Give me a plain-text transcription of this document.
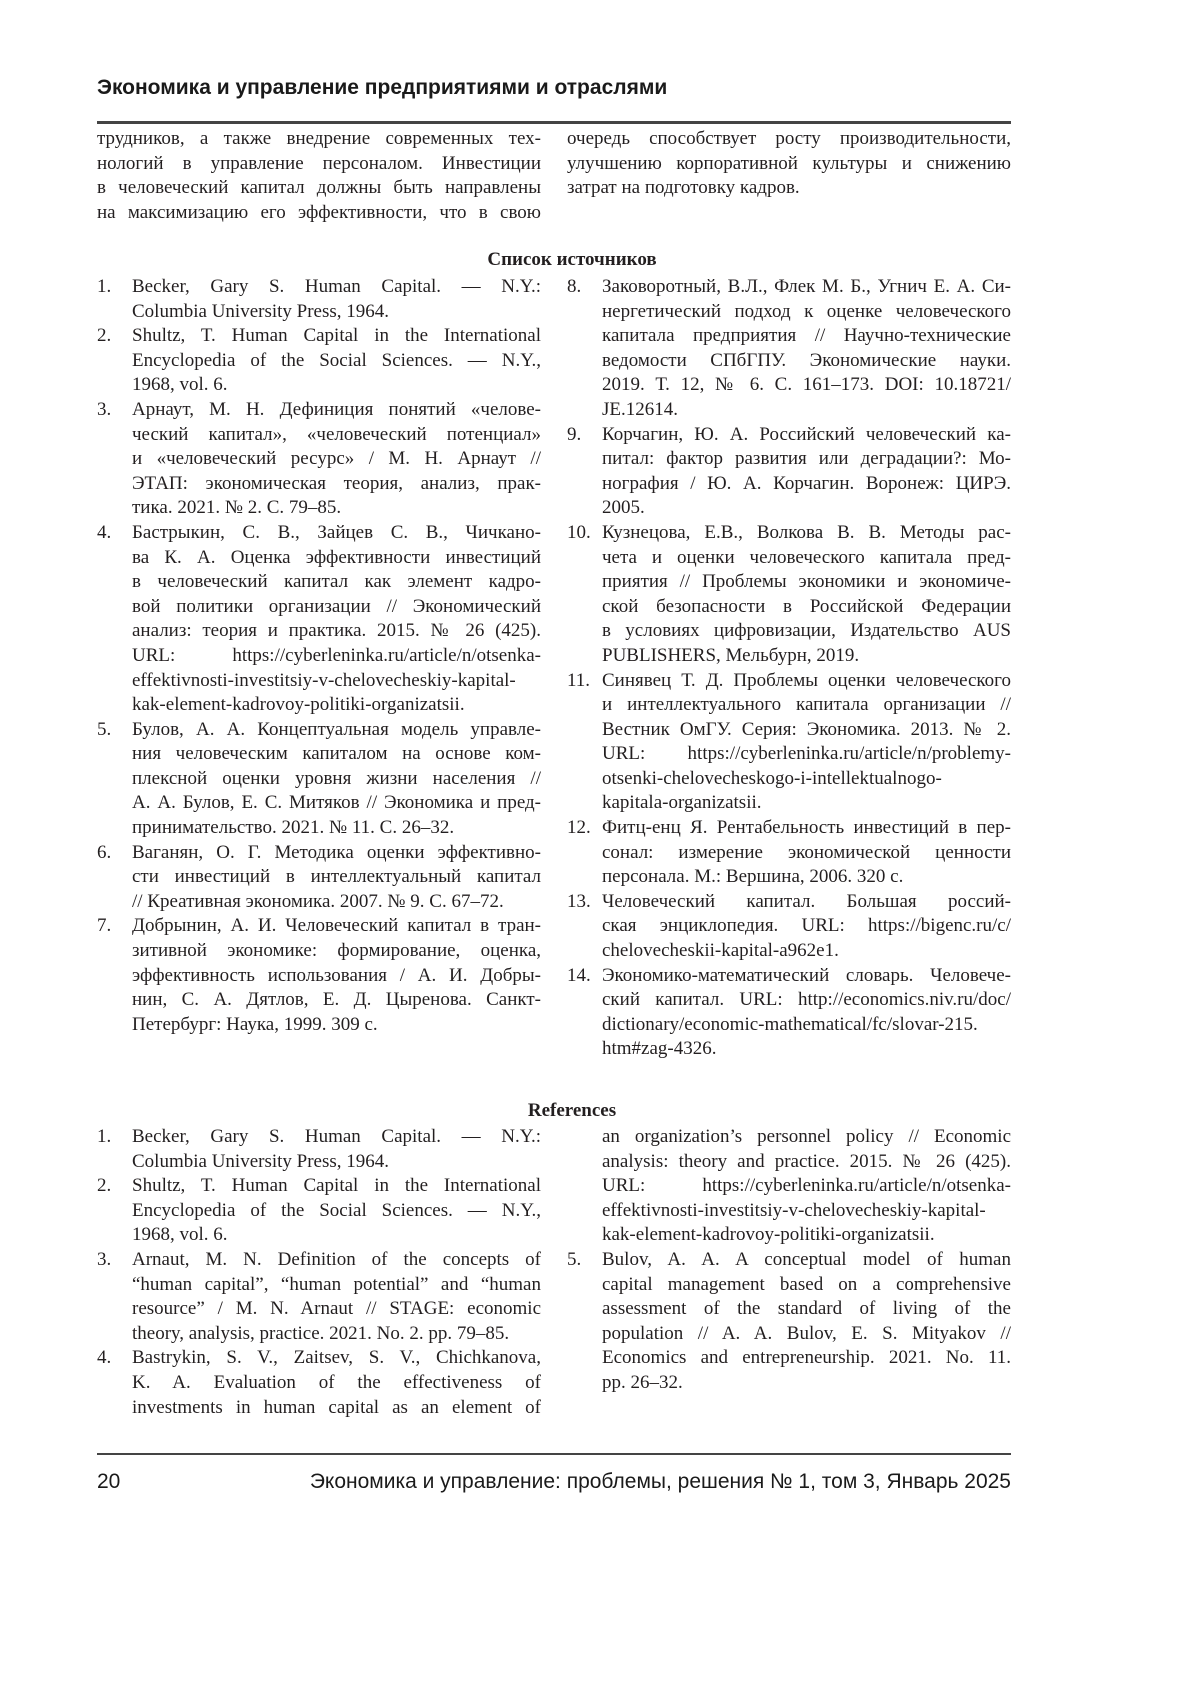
Экономика и управление предприятиями и отраслями
трудников, а также внедрение современных тех-
нологий в управление персоналом. Инвестиции
в человеческий капитал должны быть направлены
на максимизацию его эффективности, что в свою
очередь способствует росту производительности,
улучшению корпоративной культуры и снижению
затрат на подготовку кадров.
Список источников
1. Becker, Gary S. Human Capital. — N.Y.:
Columbia University Press, 1964.
2. Shultz, T. Human Capital in the International
Encyclopedia of the Social Sciences. — N.Y.,
1968, vol. 6.
3. Арнаут, М. Н. Дефиниция понятий «челове-
ческий капитал», «человеческий потенциал»
и «человеческий ресурс» / М. Н. Арнаут //
ЭТАП: экономическая теория, анализ, прак-
тика. 2021. № 2. С. 79–85.
4. Бастрыкин, С. В., Зайцев С. В., Чичкано-
ва К. А. Оценка эффективности инвестиций
в человеческий капитал как элемент кадро-
вой политики организации // Экономический
анализ: теория и практика. 2015. № 26 (425).
URL: https://cyberleninka.ru/article/n/otsenka-
effektivnosti-investitsiy-v-chelovecheskiy-kapital-
kak-element-kadrovoy-politiki-organizatsii.
5. Булов, А. А. Концептуальная модель управле-
ния человеческим капиталом на основе ком-
плексной оценки уровня жизни населения //
А. А. Булов, Е. С. Митяков // Экономика и пред-
принимательство. 2021. № 11. С. 26–32.
6. Ваганян, О. Г. Методика оценки эффективно-
сти инвестиций в интеллектуальный капитал
// Креативная экономика. 2007. № 9. С. 67–72.
7. Добрынин, А. И. Человеческий капитал в тран-
зитивной экономике: формирование, оценка,
эффективность использования / А. И. Добры-
нин, С. А. Дятлов, Е. Д. Цыренова. Санкт-
Петербург: Наука, 1999. 309 с.
8. Заковоротный, В.Л., Флек М. Б., Угнич Е. А. Си-
нергетический подход к оценке человеческого
капитала предприятия // Научно-технические
ведомости СПбГПУ. Экономические науки.
2019. Т. 12, № 6. С. 161–173. DOI: 10.18721/
JE.12614.
9. Корчагин, Ю. А. Российский человеческий ка-
питал: фактор развития или деградации?: Мо-
нография / Ю. А. Корчагин. Воронеж: ЦИРЭ.
2005.
10. Кузнецова, Е.В., Волкова В. В. Методы рас-
чета и оценки человеческого капитала пред-
приятия // Проблемы экономики и экономиче-
ской безопасности в Российской Федерации
в условиях цифровизации, Издательство AUS
PUBLISHERS, Мельбурн, 2019.
11. Синявец Т. Д. Проблемы оценки человеческого
и интеллектуального капитала организации //
Вестник ОмГУ. Серия: Экономика. 2013. № 2.
URL: https://cyberleninka.ru/article/n/problemy-
otsenki-chelovecheskogo-i-intellektualnogo-
kapitala-organizatsii.
12. Фитц-енц Я. Рентабельность инвестиций в пер-
сонал: измерение экономической ценности
персонала. М.: Вершина, 2006. 320 с.
13. Человеческий капитал. Большая россий-
ская энциклопедия. URL: https://bigenc.ru/c/
chelovecheskii-kapital-a962e1.
14. Экономико-математический словарь. Человече-
ский капитал. URL: http://economics.niv.ru/doc/
dictionary/economic-mathematical/fc/slovar-215.
htm#zag-4326.
References
1. Becker, Gary S. Human Capital. — N.Y.:
Columbia University Press, 1964.
2. Shultz, T. Human Capital in the International
Encyclopedia of the Social Sciences. — N.Y.,
1968, vol. 6.
3. Arnaut, M. N. Definition of the concepts of
“human capital”, “human potential” and “human
resource” / M. N. Arnaut // STAGE: economic
theory, analysis, practice. 2021. No. 2. pp. 79–85.
4. Bastrykin, S. V., Zaitsev, S. V., Chichkanova,
K. A. Evaluation of the effectiveness of
investments in human capital as an element of
an organization’s personnel policy // Economic
analysis: theory and practice. 2015. № 26 (425).
URL: https://cyberleninka.ru/article/n/otsenka-
effektivnosti-investitsiy-v-chelovecheskiy-kapital-
kak-element-kadrovoy-politiki-organizatsii.
5. Bulov, A. A. A conceptual model of human
capital management based on a comprehensive
assessment of the standard of living of the
population // A. A. Bulov, E. S. Mityakov //
Economics and entrepreneurship. 2021. No. 11.
pp. 26–32.
20	Экономика и управление: проблемы, решения № 1, том 3, Январь 2025
